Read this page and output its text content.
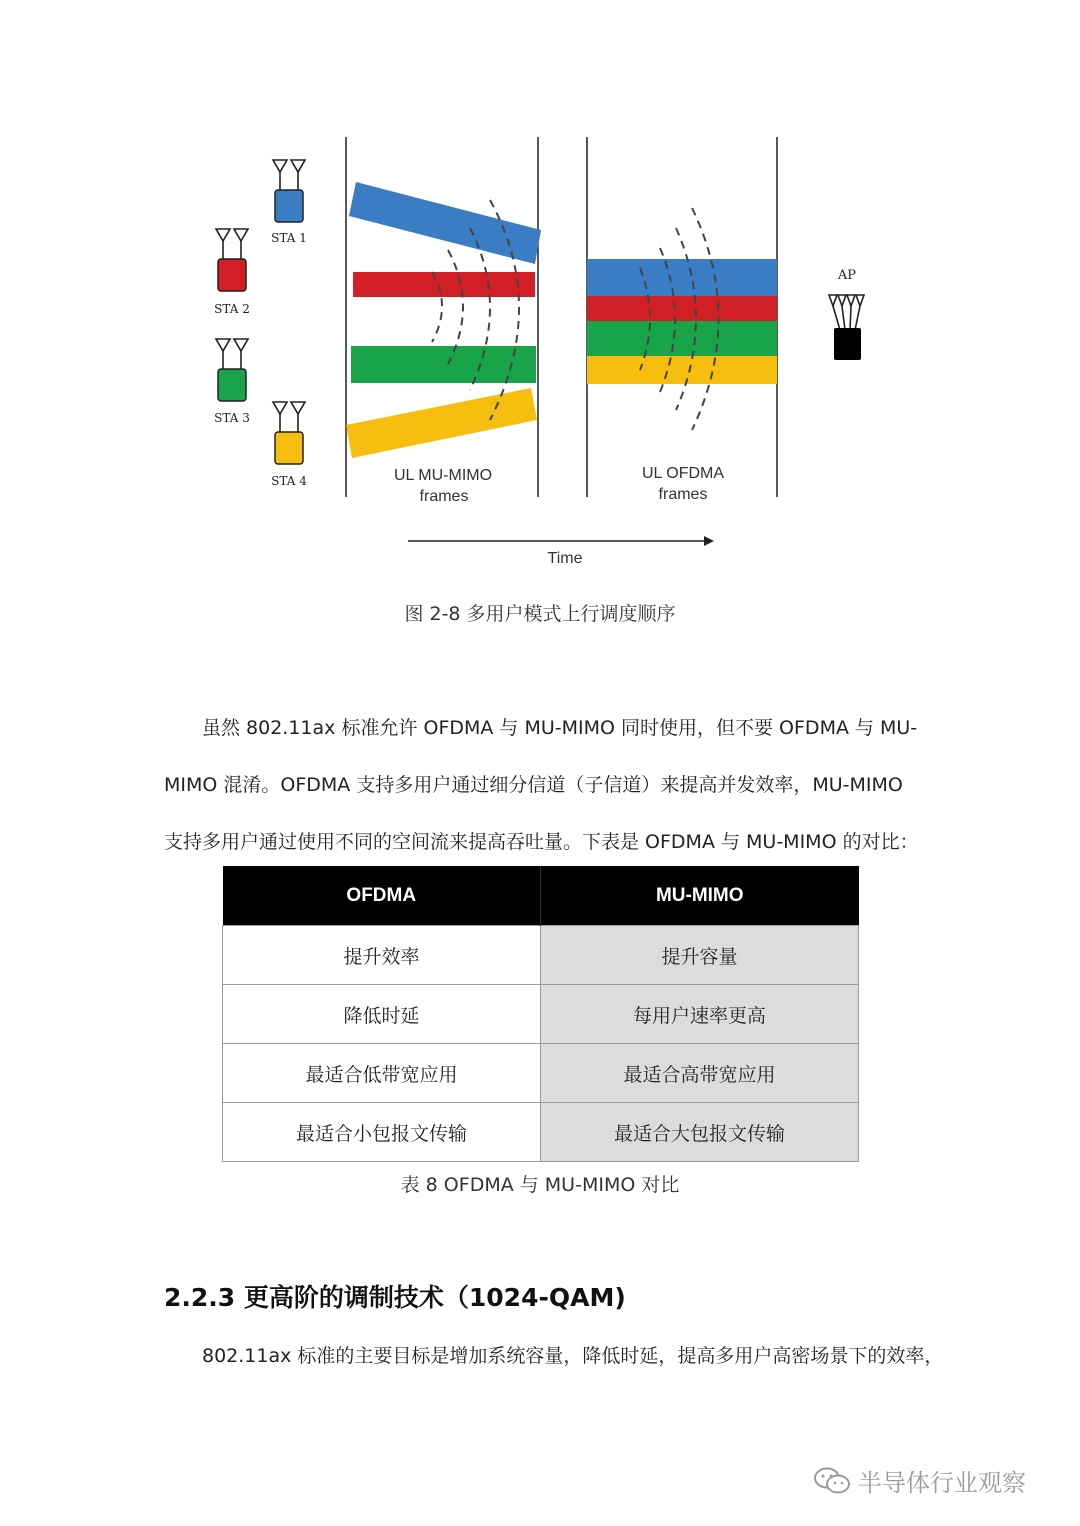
STA 1
STA 2
STA 3
STA 4
AP
UL MU-MIMO
frames
UL OFDMA
frames
Time
图 2-8 多用户模式上行调度顺序
虽然 802.11ax 标准允许 OFDMA 与 MU-MIMO 同时使用，但不要 OFDMA 与 MU-
MIMO 混淆。OFDMA 支持多用户通过细分信道（子信道）来提高并发效率，MU-MIMO
支持多用户通过使用不同的空间流来提高吞吐量。下表是 OFDMA 与 MU-MIMO 的对比：
OFDMA	MU-MIMO
提升效率	提升容量
降低时延	每用户速率更高
最适合低带宽应用	最适合高带宽应用
最适合小包报文传输	最适合大包报文传输
表 8 OFDMA 与 MU-MIMO 对比
2.2.3 更高阶的调制技术（1024-QAM)
802.11ax 标准的主要目标是增加系统容量，降低时延，提高多用户高密场景下的效率，
半导体行业观察
